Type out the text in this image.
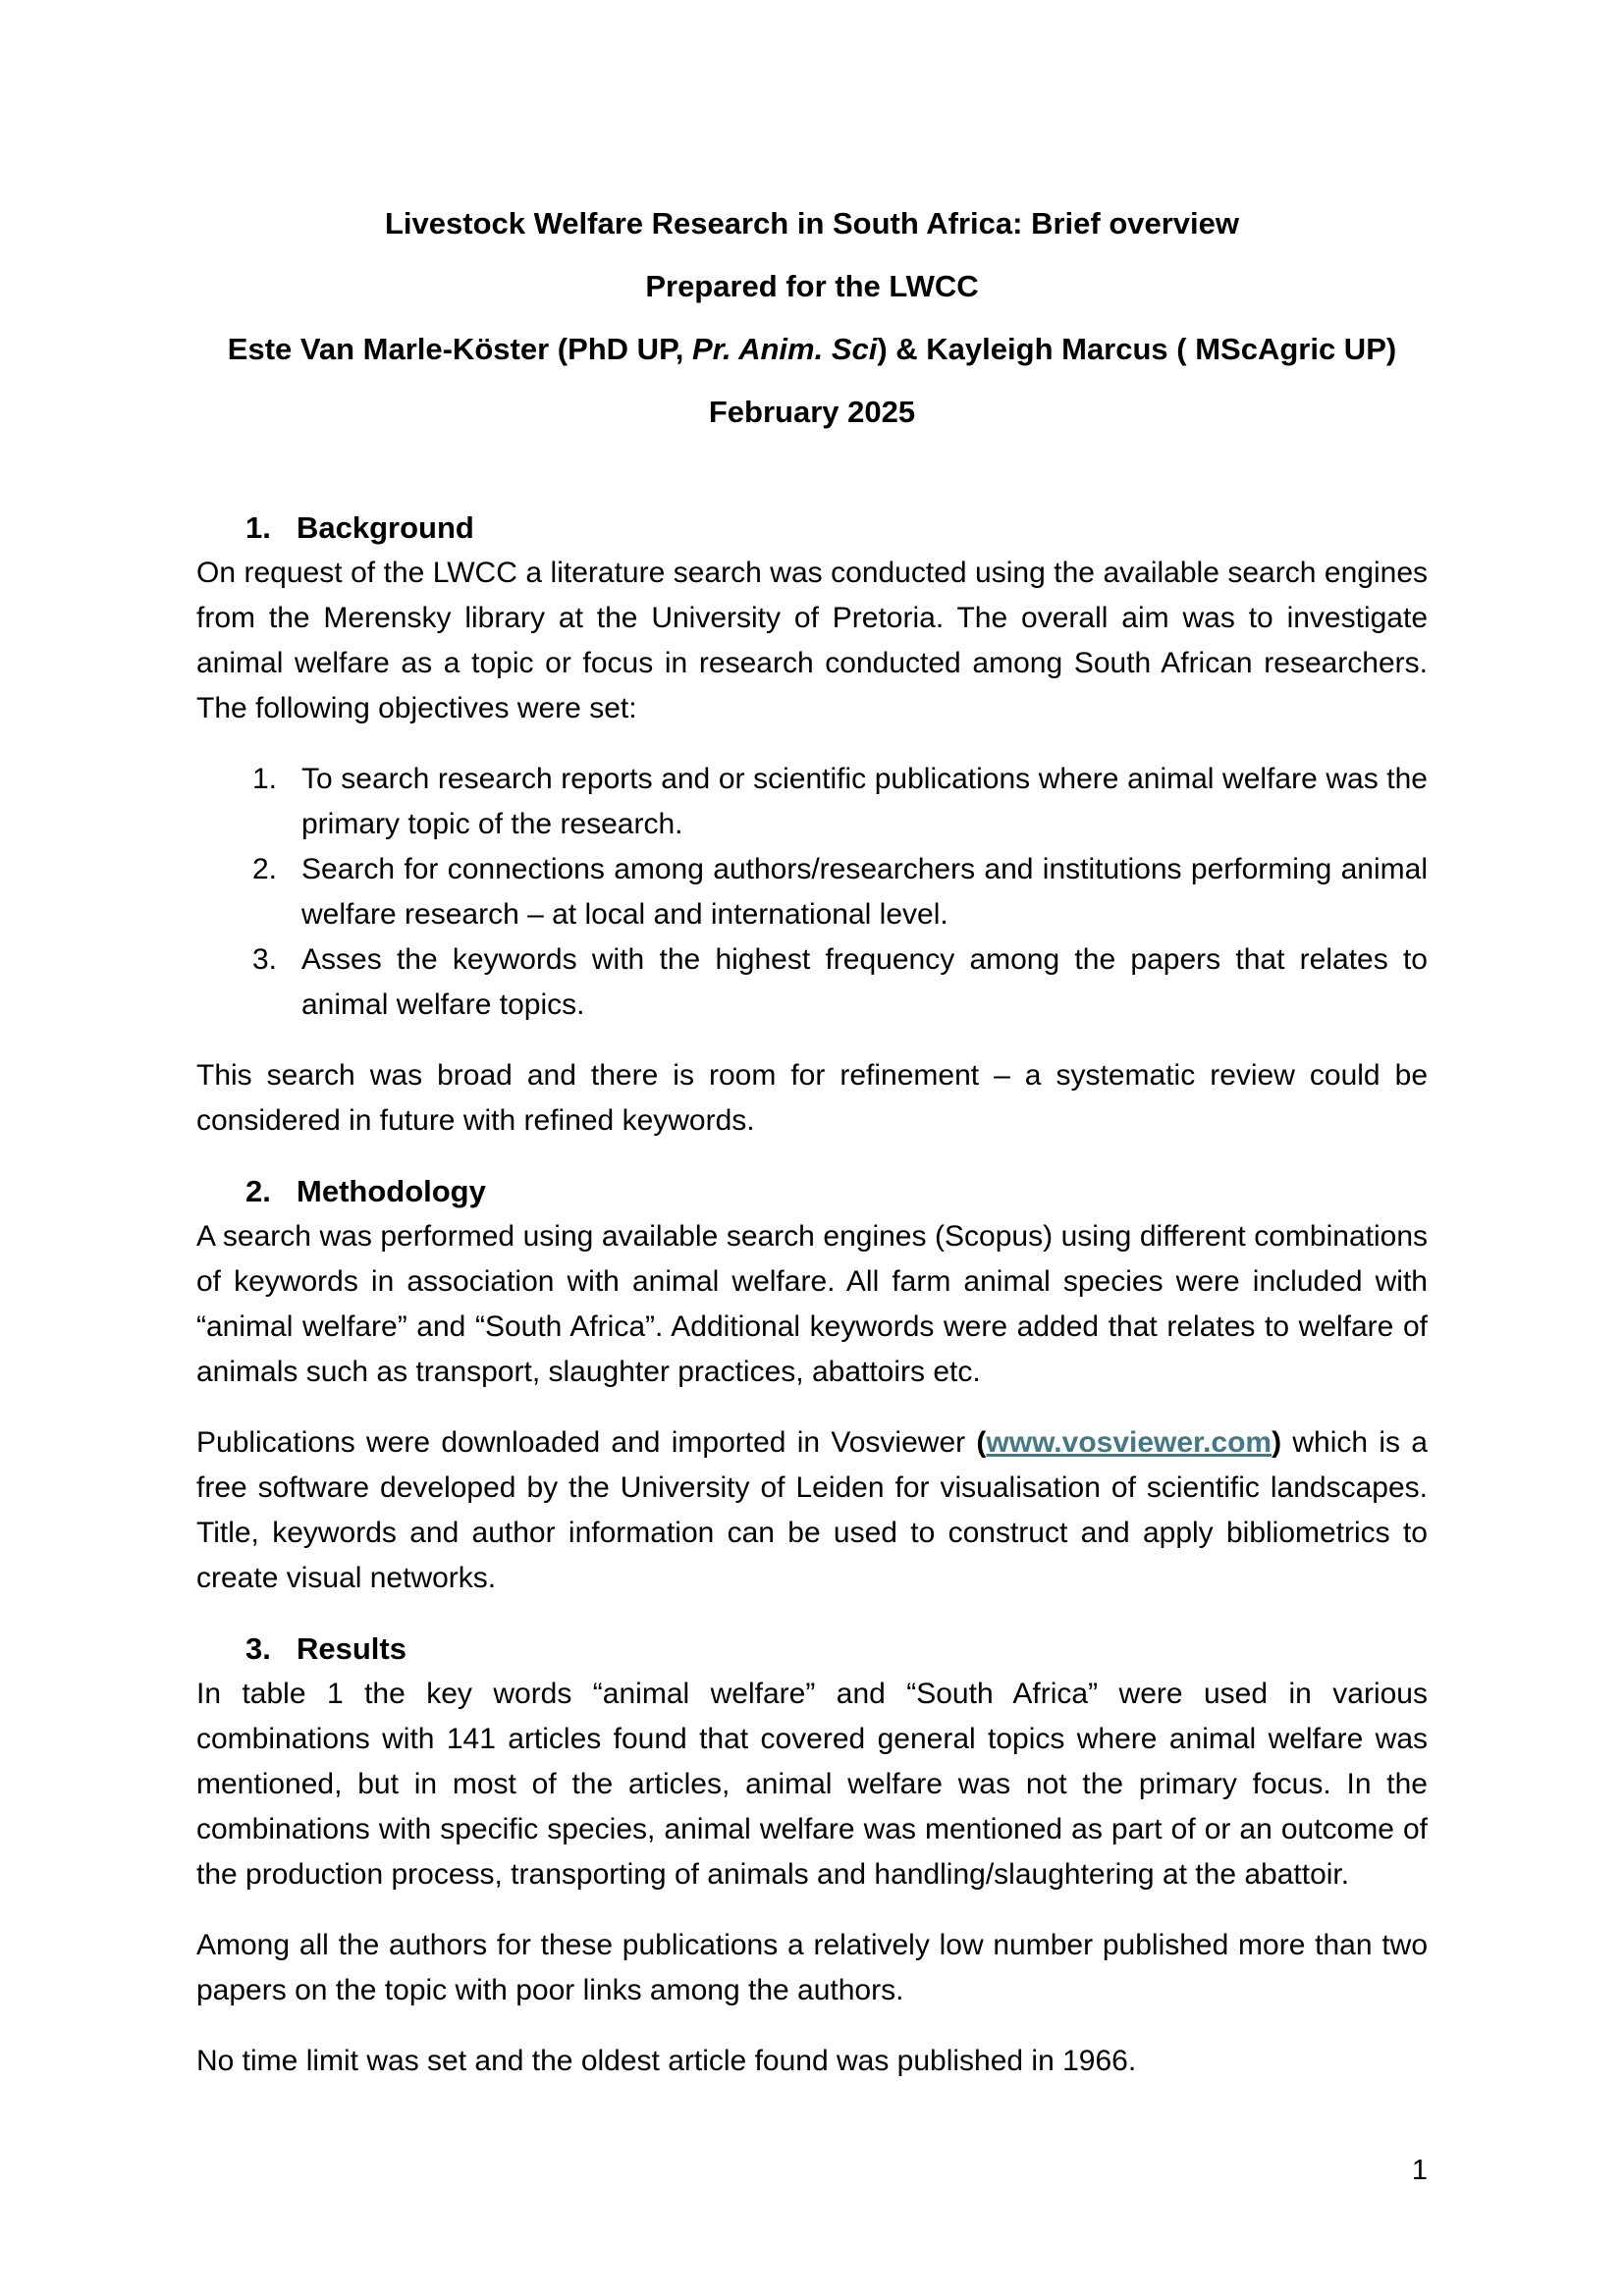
Livestock Welfare Research in South Africa: Brief overview

Prepared for the LWCC

Este Van Marle-Köster (PhD UP, Pr. Anim. Sci) & Kayleigh Marcus ( MScAgric UP)

February 2025

1. Background

On request of the LWCC a literature search was conducted using the available search engines from the Merensky library at the University of Pretoria. The overall aim was to investigate animal welfare as a topic or focus in research conducted among South African researchers. The following objectives were set:

1. To search research reports and or scientific publications where animal welfare was the primary topic of the research.
2. Search for connections among authors/researchers and institutions performing animal welfare research – at local and international level.
3. Asses the keywords with the highest frequency among the papers that relates to animal welfare topics.

This search was broad and there is room for refinement – a systematic review could be considered in future with refined keywords.

2. Methodology

A search was performed using available search engines (Scopus) using different combinations of keywords in association with animal welfare. All farm animal species were included with “animal welfare” and “South Africa”. Additional keywords were added that relates to welfare of animals such as transport, slaughter practices, abattoirs etc.

Publications were downloaded and imported in Vosviewer (www.vosviewer.com) which is a free software developed by the University of Leiden for visualisation of scientific landscapes. Title, keywords and author information can be used to construct and apply bibliometrics to create visual networks.

3. Results

In table 1 the key words “animal welfare” and “South Africa” were used in various combinations with 141 articles found that covered general topics where animal welfare was mentioned, but in most of the articles, animal welfare was not the primary focus. In the combinations with specific species, animal welfare was mentioned as part of or an outcome of the production process, transporting of animals and handling/slaughtering at the abattoir.

Among all the authors for these publications a relatively low number published more than two papers on the topic with poor links among the authors.

No time limit was set and the oldest article found was published in 1966.

1
